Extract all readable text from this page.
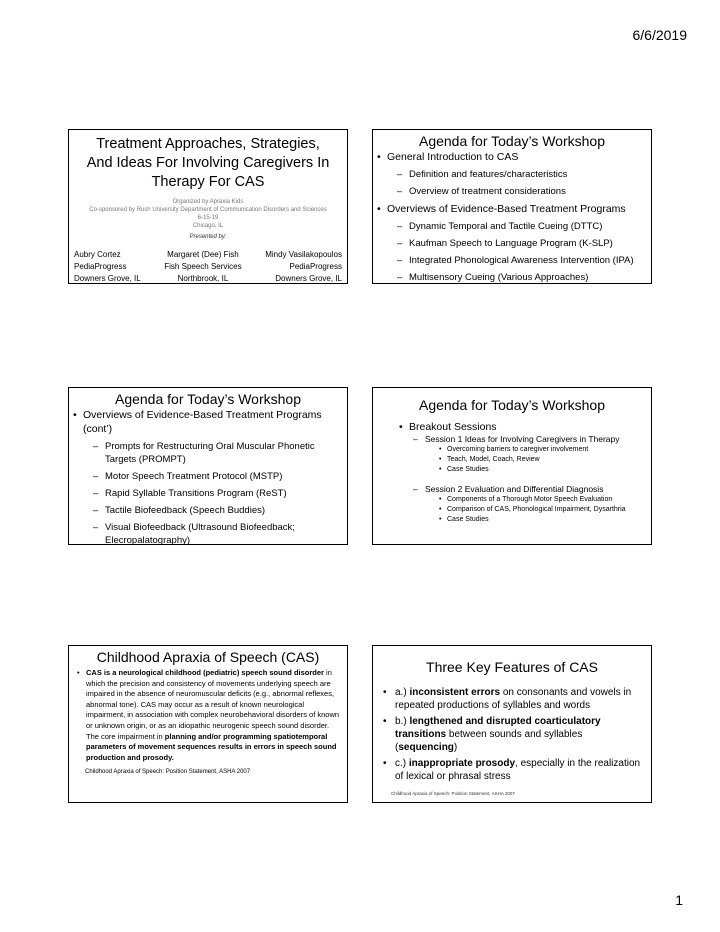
6/6/2019
Treatment Approaches, Strategies,
And Ideas For Involving Caregivers In
Therapy For CAS
Organized by Apraxia Kids
Co-sponsored by Rush University Department of Communication Disorders and Sciences
6-15-19
Chicago, IL
Presented by:
Aubry Cortez
PediaProgress
Downers Grove, IL
Margaret (Dee) Fish
Fish Speech Services
Northbrook, IL
Mindy Vasilakopoulos
PediaProgress
Downers Grove, IL
Agenda for Today’s Workshop
• General Introduction to CAS
– Definition and features/characteristics
– Overview of treatment considerations
• Overviews of Evidence-Based Treatment Programs
– Dynamic Temporal and Tactile Cueing (DTTC)
– Kaufman Speech to Language Program (K-SLP)
– Integrated Phonological Awareness Intervention (IPA)
– Multisensory Cueing (Various Approaches)
Agenda for Today’s Workshop
• Overviews of Evidence-Based Treatment Programs (cont’)
– Prompts for Restructuring Oral Muscular Phonetic Targets (PROMPT)
– Motor Speech Treatment Protocol (MSTP)
– Rapid Syllable Transitions Program (ReST)
– Tactile Biofeedback (Speech Buddies)
– Visual Biofeedback (Ultrasound Biofeedback; Elecropalatography)
Agenda for Today’s Workshop
• Breakout Sessions
– Session 1 Ideas for Involving Caregivers in Therapy
• Overcoming barriers to caregiver involvement
• Teach, Model, Coach, Review
• Case Studies
– Session 2 Evaluation and Differential Diagnosis
• Components of a Thorough Motor Speech Evaluation
• Comparison of CAS, Phonological Impairment, Dysarthria
• Case Studies
Childhood Apraxia of Speech (CAS)
• CAS is a neurological childhood (pediatric) speech sound disorder in which the precision and consistency of movements underlying speech are impaired in the absence of neuromuscular deficits (e.g., abnormal reflexes, abnormal tone). CAS may occur as a result of known neurological impairment, in association with complex neurobehavioral disorders of known or unknown origin, or as an idiopathic neurogenic speech sound disorder. The core impairment in planning and/or programming spatiotemporal parameters of movement sequences results in errors in speech sound production and prosody.
Childhood Apraxia of Speech: Position Statement, ASHA 2007
Three Key Features of CAS
• a.) inconsistent errors on consonants and vowels in repeated productions of syllables and words
• b.) lengthened and disrupted coarticulatory transitions between sounds and syllables (sequencing)
• c.) inappropriate prosody, especially in the realization of lexical or phrasal stress
Childhood Apraxia of Speech: Position Statement, ASHA 2007
1
